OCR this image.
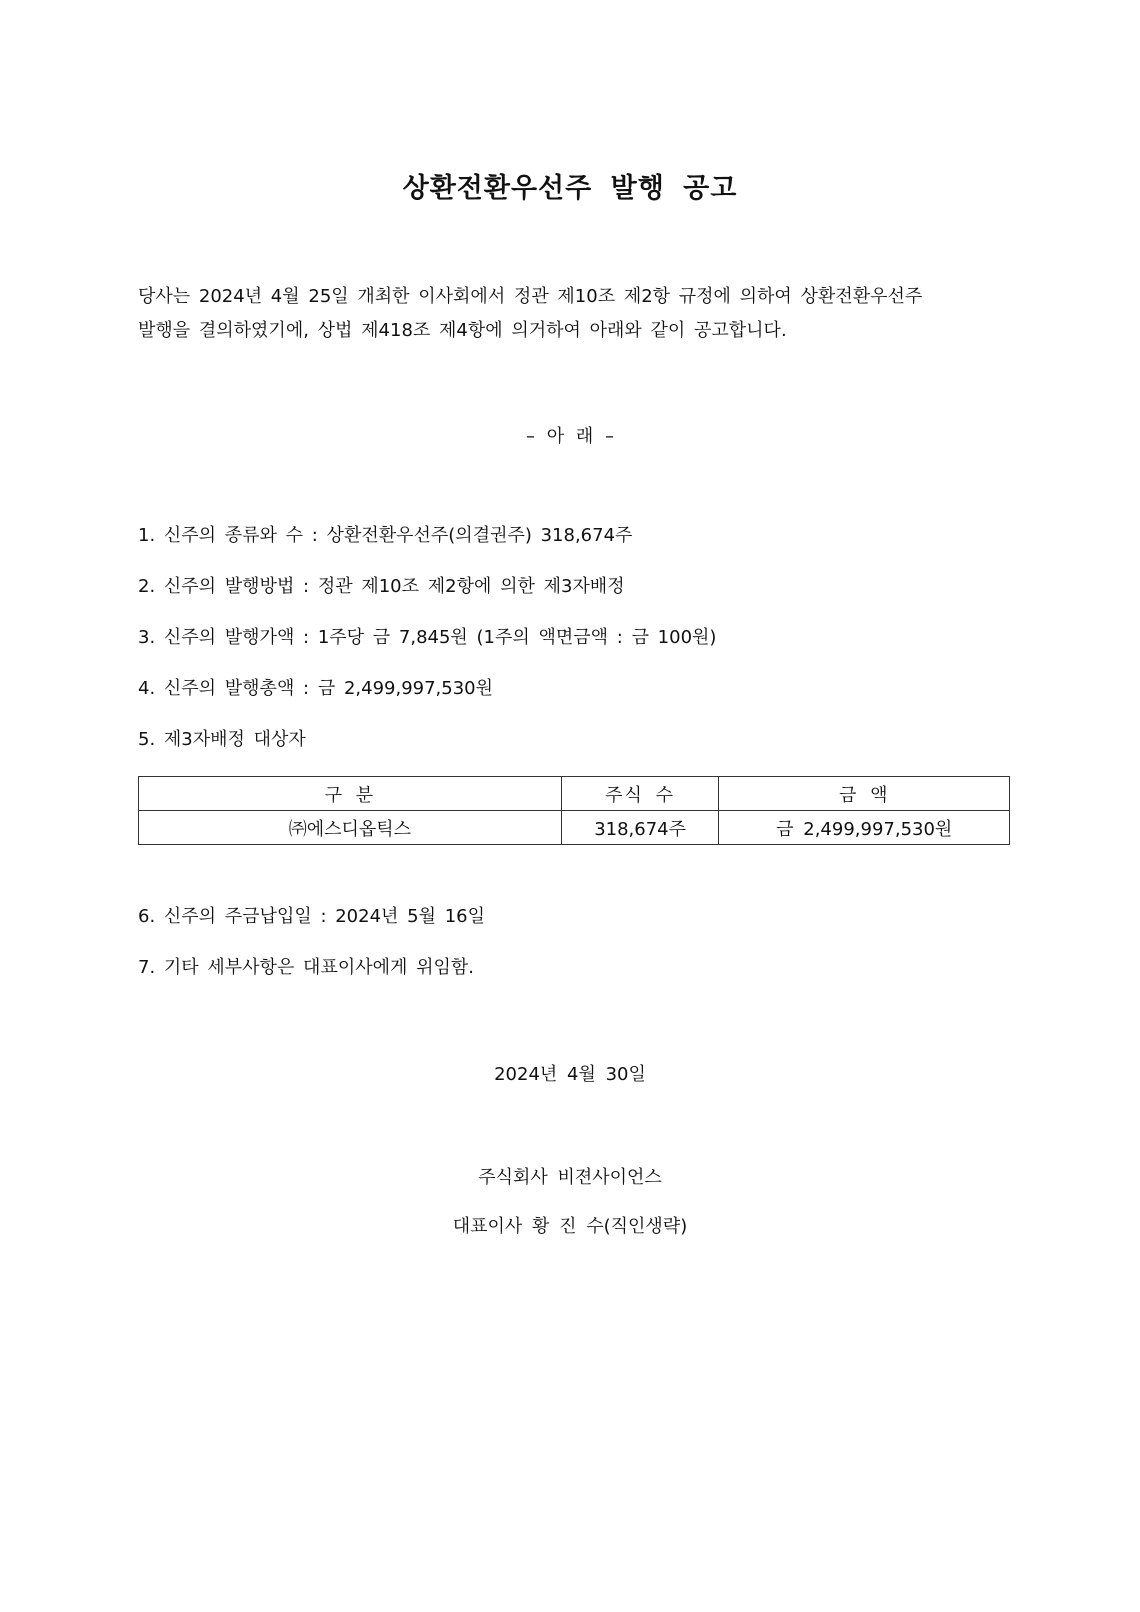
상환전환우선주 발행 공고

당사는 2024년 4월 25일 개최한 이사회에서 정관 제10조 제2항 규정에 의하여 상환전환우선주

발행을 결의하였기에, 상법 제418조 제4항에 의거하여 아래와 같이 공고합니다.

– 아 래 –
1. 신주의 종류와 수 : 상환전환우선주(의결권주) 318,674주
2. 신주의 발행방법 : 정관 제10조 제2항에 의한 제3자배정
3. 신주의 발행가액 : 1주당 금 7,845원 (1주의 액면금액 : 금 100원)
4. 신주의 발행총액 : 금 2,499,997,530원
5. 제3자배정 대상자
구 분	주식 수	금 액
㈜에스디옵틱스	318,674주	금 2,499,997,530원
6. 신주의 주금납입일 : 2024년 5월 16일
7. 기타 세부사항은 대표이사에게 위임함.
2024년 4월 30일
주식회사 비젼사이언스
대표이사 황 진 수(직인생략)
